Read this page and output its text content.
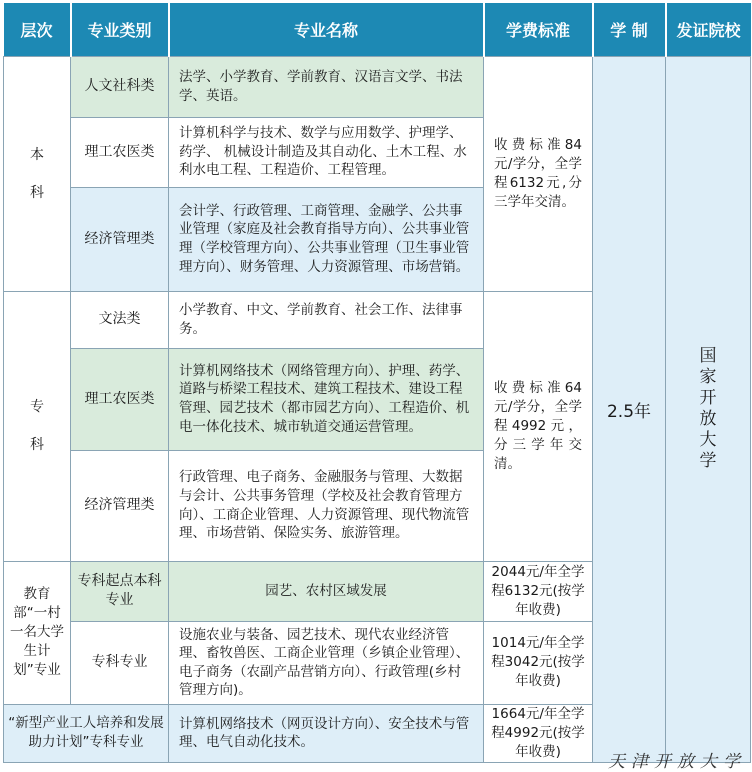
层次	专业类别	专业名称	学费标准	学 制	发证院校
本科	人文社科类	法学、小学教育、学前教育、汉语言文学、书法学、英语。	收费标准84元/学分，全学程6132元,分三学年交清。	2.5年	国家开放大学
	理工农医类	计算机科学与技术、数学与应用数学、护理学、药学、 机械设计制造及其自动化、土木工程、水利水电工程、工程造价、工程管理。			
	经济管理类	会计学、行政管理、工商管理、金融学、公共事业管理（家庭及社会教育指导方向）、公共事业管理（学校管理方向）、公共事业管理（卫生事业管理方向）、财务管理、人力资源管理、市场营销。			
专科	文法类	小学教育、中文、学前教育、社会工作、法律事务。	收费标准64元/学分，全学程4992元，分三学年交清。		
	理工农医类	计算机网络技术（网络管理方向）、护理、药学、道路与桥梁工程技术、建筑工程技术、建设工程管理、园艺技术（都市园艺方向）、工程造价、机电一体化技术、城市轨道交通运营管理。			
	经济管理类	行政管理、电子商务、金融服务与管理、大数据与会计、公共事务管理（学校及社会教育管理方向）、工商企业管理、人力资源管理、现代物流管理、市场营销、保险实务、旅游管理。			
教育部“一村一名大学生计划”专业	专科起点本科专业	园艺、农村区域发展	2044元/年全学程6132元(按学年收费)		
	专科专业	设施农业与装备、园艺技术、现代农业经济管理、畜牧兽医、工商企业管理（乡镇企业管理）、电子商务（农副产品营销方向）、行政管理(乡村管理方向)。	1014元/年全学程3042元(按学年收费)		
“新型产业工人培养和发展助力计划”专科专业		计算机网络技术（网页设计方向）、安全技术与管理、电气自动化技术。	1664元/年全学程4992元(按学年收费)		
天津开放大学
